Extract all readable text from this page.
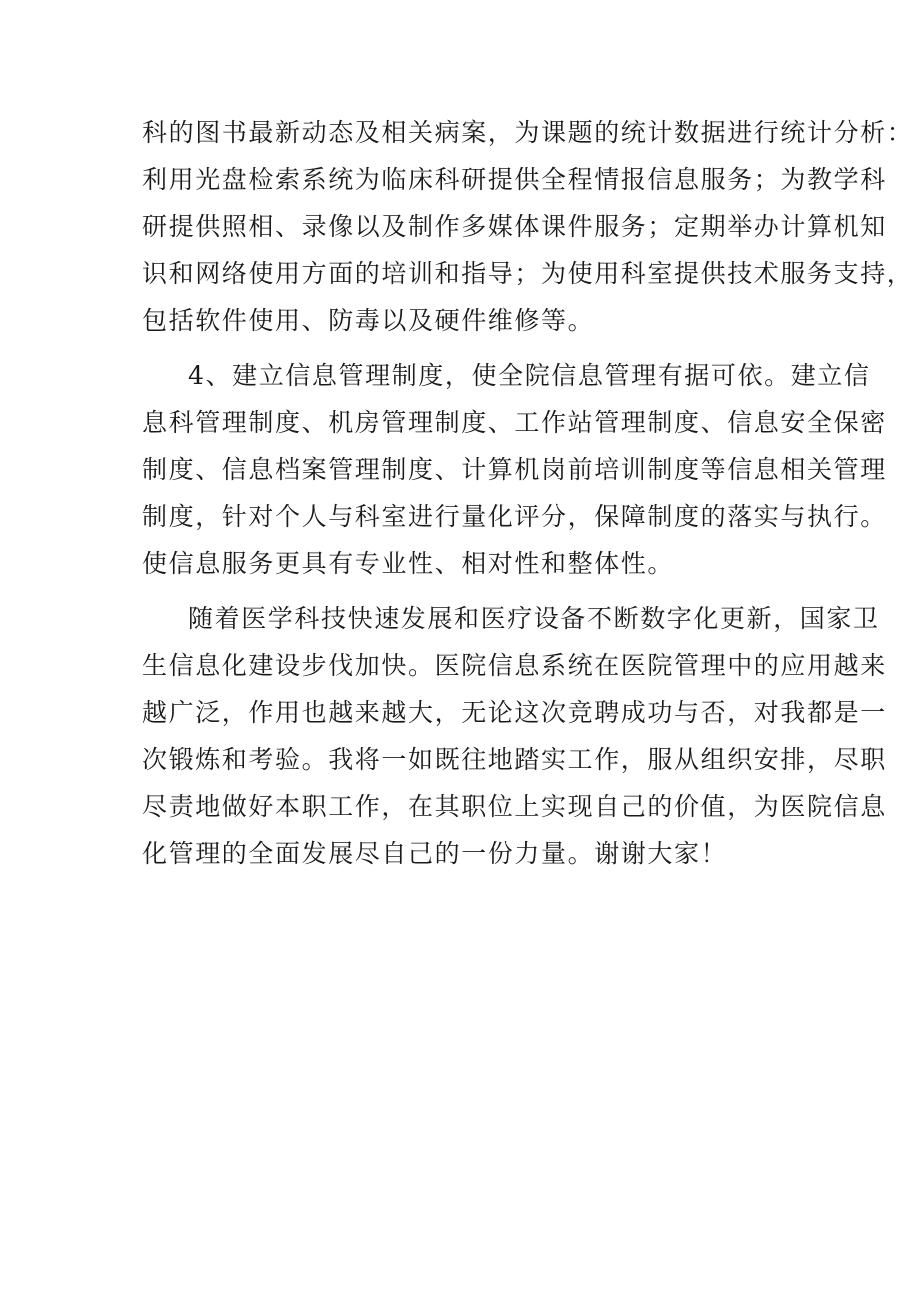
科的图书最新动态及相关病案，为课题的统计数据进行统计分析：
利用光盘检索系统为临床科研提供全程情报信息服务；为教学科
研提供照相、录像以及制作多媒体课件服务；定期举办计算机知
识和网络使用方面的培训和指导；为使用科室提供技术服务支持，
包括软件使用、防毒以及硬件维修等。
4、建立信息管理制度，使全院信息管理有据可依。建立信
息科管理制度、机房管理制度、工作站管理制度、信息安全保密
制度、信息档案管理制度、计算机岗前培训制度等信息相关管理
制度，针对个人与科室进行量化评分，保障制度的落实与执行。
使信息服务更具有专业性、相对性和整体性。
随着医学科技快速发展和医疗设备不断数字化更新，国家卫
生信息化建设步伐加快。医院信息系统在医院管理中的应用越来
越广泛，作用也越来越大，无论这次竞聘成功与否，对我都是一
次锻炼和考验。我将一如既往地踏实工作，服从组织安排，尽职
尽责地做好本职工作，在其职位上实现自己的价值，为医院信息
化管理的全面发展尽自己的一份力量。谢谢大家！
